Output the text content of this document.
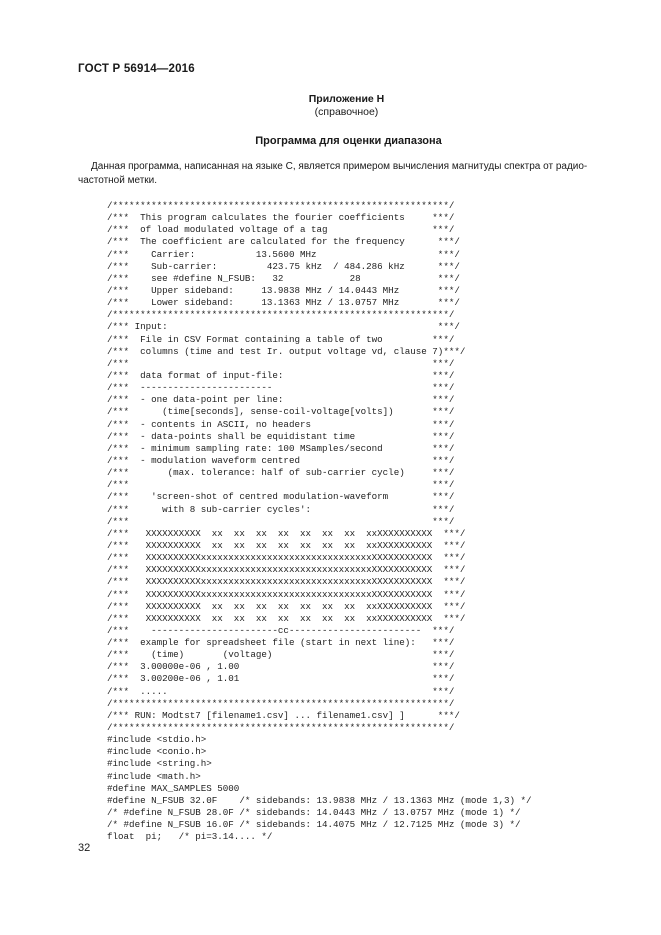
ГОСТ Р 56914—2016
Приложение Н
(справочное)
Программа для оценки диапазона
Данная программа, написанная на языке С, является примером вычисления магнитуды спектра от радио-
частотной метки.
/*************************************************************/
/***  This program calculates the fourier coefficients     ***/
/***  of load modulated voltage of a tag                   ***/
/***  The coefficient are calculated for the frequency      ***/
/***    Carrier:           13.5600 MHz                      ***/
/***    Sub-carrier:         423.75 kHz  / 484.286 kHz      ***/
/***    see #define N_FSUB:   32            28              ***/
/***    Upper sideband:     13.9838 MHz / 14.0443 MHz       ***/
/***    Lower sideband:     13.1363 MHz / 13.0757 MHz       ***/
/*************************************************************/
/*** Input:                                                 ***/
/***  File in CSV Format containing a table of two         ***/
/***  columns (time and test Ir. output voltage vd, clause 7)***/
/***                                                       ***/
/***  data format of input-file:                           ***/
/***  ------------------------                             ***/
/***  - one data-point per line:                           ***/
/***      (time[seconds], sense-coil-voltage[volts])       ***/
/***  - contents in ASCII, no headers                      ***/
/***  - data-points shall be equidistant time              ***/
/***  - minimum sampling rate: 100 MSamples/second         ***/
/***  - modulation waveform centred                        ***/
/***       (max. tolerance: half of sub-carrier cycle)     ***/
/***                                                       ***/
/***    'screen-shot of centred modulation-waveform        ***/
/***      with 8 sub-carrier cycles':                      ***/
/***                                                       ***/
/***   XXXXXXXXXX  xx  xx  xx  xx  xx  xx  xx  xxXXXXXXXXXX  ***/
/***   XXXXXXXXXX  xx  xx  xx  xx  xx  xx  xx  xxXXXXXXXXXX  ***/
/***   XXXXXXXXXXxxxxxxxxxxxxxxxxxxxxxxxxxxxxxxxXXXXXXXXXXX  ***/
/***   XXXXXXXXXXxxxxxxxxxxxxxxxxxxxxxxxxxxxxxxxXXXXXXXXXXX  ***/
/***   XXXXXXXXXXxxxxxxxxxxxxxxxxxxxxxxxxxxxxxxxXXXXXXXXXXX  ***/
/***   XXXXXXXXXXxxxxxxxxxxxxxxxxxxxxxxxxxxxxxxxXXXXXXXXXXX  ***/
/***   XXXXXXXXXX  xx  xx  xx  xx  xx  xx  xx  xxXXXXXXXXXX  ***/
/***   XXXXXXXXXX  xx  xx  xx  xx  xx  xx  xx  xxXXXXXXXXXX  ***/
/***    -----------------------cc------------------------  ***/
/***  example for spreadsheet file (start in next line):   ***/
/***    (time)       (voltage)                             ***/
/***  3.00000e-06 , 1.00                                   ***/
/***  3.00200e-06 , 1.01                                   ***/
/***  .....                                                ***/
/*************************************************************/
/*** RUN: Modtst7 [filename1.csv] ... filename1.csv] ]      ***/
/*************************************************************/
#include <stdio.h>
#include <conio.h>
#include <string.h>
#include <math.h>
#define MAX_SAMPLES 5000
#define N_FSUB 32.0F    /* sidebands: 13.9838 MHz / 13.1363 MHz (mode 1,3) */
/* #define N_FSUB 28.0F /* sidebands: 14.0443 MHz / 13.0757 MHz (mode 1) */
/* #define N_FSUB 16.0F /* sidebands: 14.4075 MHz / 12.7125 MHz (mode 3) */
float  pi;   /* pi=3.14.... */
32
